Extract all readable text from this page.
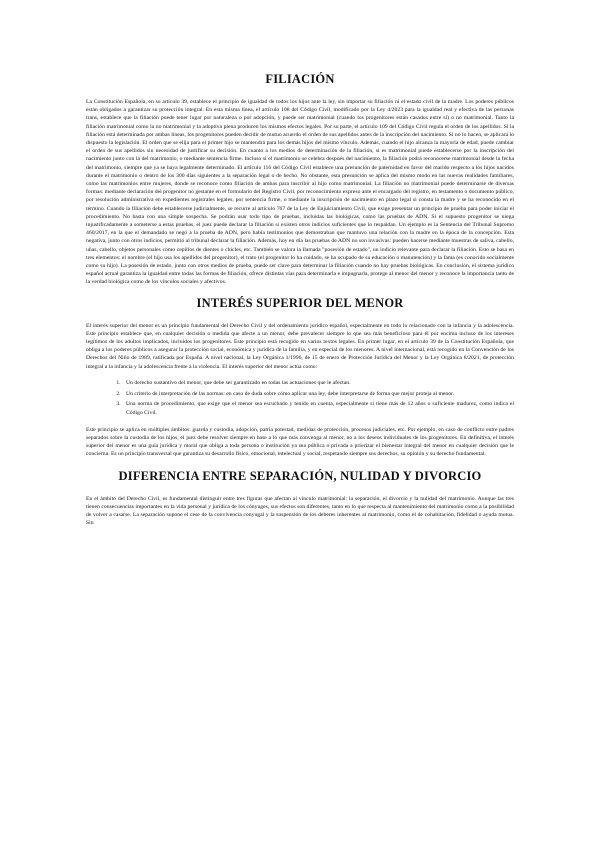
FILIACIÓN

La Constitución Española, en su artículo 39, establece el principio de igualdad de todos los hijos ante la ley, sin importar su filiación ni el estado civil de la madre. Los poderes públicos están obligados a garantizar su protección integral. En esta misma línea, el artículo 108 del Código Civil, modificado por la Ley 4/2023 para la igualdad real y efectiva de las personas trans, establece que la filiación puede tener lugar por naturaleza o por adopción, y puede ser matrimonial (cuando los progenitores están casados entre sí) o no matrimonial. Tanto la filiación matrimonial como la no matrimonial y la adoptiva plena producen los mismos efectos legales. Por su parte, el artículo 109 del Código Civil regula el orden de los apellidos. Si la filiación está determinada por ambas líneas, los progenitores pueden decidir de mutuo acuerdo el orden de sus apellidos antes de la inscripción del nacimiento. Si no lo hacen, se aplicará lo dispuesto la legislación. El orden que se elija para el primer hijo se mantendrá para los demás hijos del mismo vínculo. Además, cuando el hijo alcanza la mayoría de edad, puede cambiar el orden de sus apellidos sin necesidad de justificar su decisión. En cuanto a los medios de determinación de la filiación, si es matrimonial puede establecerse por la inscripción del nacimiento junto con la del matrimonio, o mediante sentencia firme. Incluso si el matrimonio se celebra después del nacimiento, la filiación podrá reconocerse matrimonial desde la fecha del matrimonio, siempre que ya se haya legalmente determinado. El artículo 116 del Código Civil establece una presunción de paternidad en favor del marido respecto a los hijos nacidos durante el matrimonio o dentro de los 300 días siguientes a la separación legal o de hecho. No obstante, esta presunción se aplica del mismo modo en las nuevas realidades familiares, como las matrimonios entre mujeres, donde se reconoce como filiación de ambas para inscribir al hijo como matrimonial. La filiación no matrimonial puede determinarse de diversas formas: mediante declaración del progenitor no gestante en el formulario del Registro Civil, por reconocimiento expreso ante el encargado del registro, en testamento o documento público, por resolución administrativa en expedientes registrales legales, por sentencia firme, o mediante la inscripción de nacimiento en plazo legal si consta la madre y se ha reconocido en el término. Cuando la filiación debe establecerse judicialmente, se recurre al artículo 767 de la Ley de Enjuiciamiento Civil, que exige presentar un principio de prueba para poder iniciar el procedimiento. No basta con una simple sospecha. Se podrán usar todo tipo de pruebas, incluidas las biológicas, como las pruebas de ADN. Si el supuesto progenitor se niega injustificadamente a someterse a estas pruebas, el juez puede declarar la filiación si existen otros indicios suficientes que lo respaldan. Un ejemplo es la Sentencia del Tribunal Supremo 460/2017, en la que el demandado se negó a la prueba de ADN, pero había testimonios que demostraban que mantuvo una relación con la madre en la época de la concepción. Esta negativa, junto con otros indicios, permitió al tribunal declarar la filiación. Además, hoy en día las pruebas de ADN no son invasivas: pueden hacerse mediante muestras de saliva, cabello, uñas, cabello, objetos personales como cepillos de dientes o chicles, etc. También se valora la llamada "posesión de estado", un indicio relevante para declarar la filiación. Esto se basa en tres elementos: el nombre (el hijo usa los apellidos del progenitor), el trato (el progenitor lo ha cuidado, se ha ocupado de su educación o manutención) y la fama (es conocido socialmente como su hijo). La posesión de estado, junto con otros medios de prueba, puede ser clave para determinar la filiación cuando no hay pruebas biológicas. En conclusión, el sistema jurídico español actual garantiza la igualdad entre todas las formas de filiación, ofrece distintas vías para determinarla e impugnarla, protege al menor del menor y reconoce la importancia tanto de la verdad biológica como de los vínculos sociales y afectivos.

INTERÉS SUPERIOR DEL MENOR

El interés superior del menor es un principio fundamental del Derecho Civil y del ordenamiento jurídico español, especialmente en todo lo relacionado con la infancia y la adolescencia. Este principio establece que, en cualquier decisión o medida que afecte a un menor, debe prevalecer siempre lo que sea más beneficioso para él por encima incluso de los intereses legítimos de los adultos implicados, incluidos los progenitores. Este principio está recogido en varios textos legales. En primer lugar, en el artículo 39 de la Constitución Española, que obliga a los poderes públicos a asegurar la protección social, económica y jurídica de la familia, y en especial de los menores. A nivel internacional, está recogido en la Convención de los Derechos del Niño de 1989, ratificada por España. A nivel nacional, la Ley Orgánica 1/1996, de 15 de enero de Protección Jurídica del Menor y la Ley Orgánica 8/2021, de protección integral a la infancia y la adolescencia frente a la violencia. El interés superior del menor actúa como:

1. Un derecho sustantivo del menor, que debe ser garantizado en todas las actuaciones que le afectan.
2. Un criterio de interpretación de las normas: en caso de duda sobre cómo aplicar una ley, debe interpretarse de forma que mejor proteja al menor.
3. Una norma de procedimiento, que exige que el menor sea escuchado y tenido en cuenta, especialmente si tiene más de 12 años o suficiente madurez, como indica el Código Civil.

Este principio se aplica en múltiples ámbitos: guarda y custodia, adopción, patria potestad, medidas de protección, procesos judiciales, etc. Por ejemplo, en caso de conflicto entre padres separados sobre la custodia de los hijos, el juez debe resolver siempre en base a lo que más convenga al menor, no a los deseos individuales de los progenitores. En definitiva, el interés superior del menor es una guía jurídica y moral que obliga a toda persona o institución ya sea pública o privada a priorizar el bienestar integral del menor en cualquier decisión que le concierna. Es un principio transversal que garantiza su desarrollo físico, emocional, intelectual y social, respetando siempre sus derechos, su opinión y su derecho fundamental.

DIFERENCIA ENTRE SEPARACIÓN, NULIDAD Y DIVORCIO

En el ámbito del Derecho Civil, es fundamental distinguir entre tres figuras que afectan al vínculo matrimonial: la separación, el divorcio y la nulidad del matrimonio. Aunque las tres tienen consecuencias importantes en la vida personal y jurídica de los cónyuges, sus efectos son diferentes, tanto en lo que respecta al mantenimiento del matrimonio como a la posibilidad de volver a casarse. La separación supone el cese de la convivencia conyugal y la suspensión de los deberes inherentes al matrimonio, como el de cohabitación, fidelidad o ayuda mutua. Sin
